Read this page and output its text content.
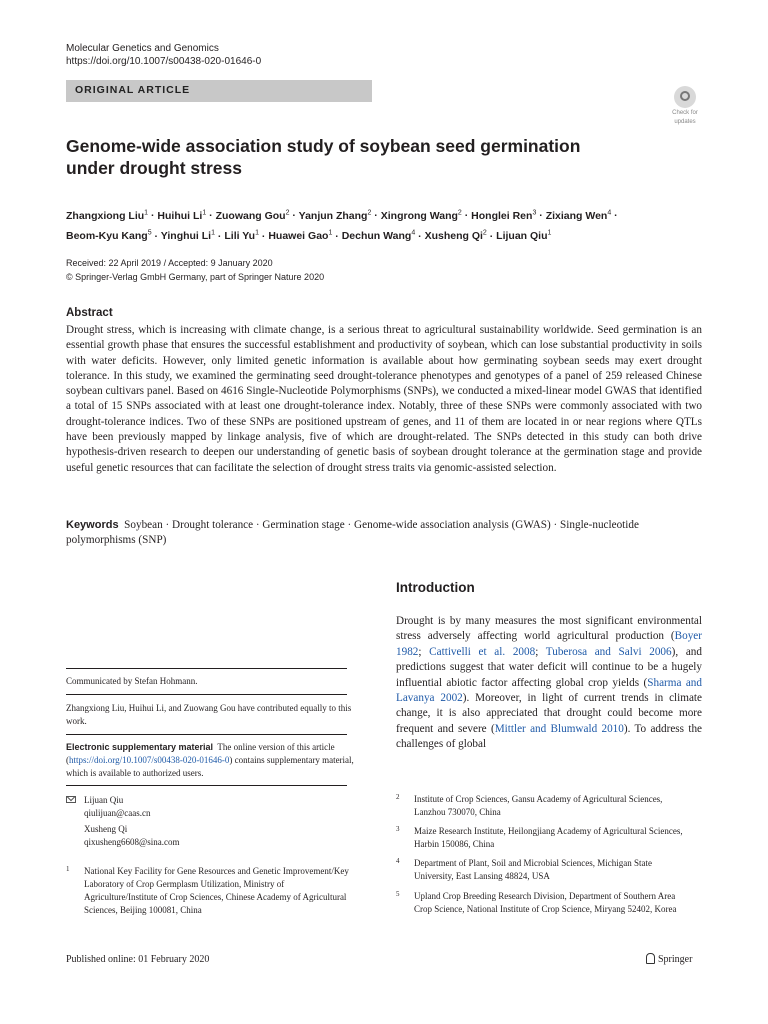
Molecular Genetics and Genomics
https://doi.org/10.1007/s00438-020-01646-0
ORIGINAL ARTICLE
Check for
updates
Genome-wide association study of soybean seed germination under drought stress
Zhangxiong Liu$^1$ · Huihui $Li^1$ · Zuowang Gou$^2$ · Yanjun Zhang$^2$ · Xingrong Wang$^2$ · Honglei Ren$^3$ · Zixiang Wen$^4$ ·
Beom-Kyu Kang$^5$ · Yinghui $Li^1$ · Lili $Yu^1$ · Huawei Gao$^1$ · Dechun Wang$^4$ · Xusheng $Qi^2$ · Lijuan Qiu$^1$
Received: 22 April 2019 / Accepted: 9 January 2020
© Springer-Verlag GmbH Germany, part of Springer Nature 2020
Abstract
Drought stress, which is increasing with climate change, is a serious threat to agricultural sustainability worldwide. Seed germination is an essential growth phase that ensures the successful establishment and productivity of soybean, which can lose substantial productivity in soils with water deficits. However, only limited genetic information is available about how germinating soybean seeds may exert drought tolerance. In this study, we examined the germinating seed drought-tolerance phenotypes and genotypes of a panel of 259 released Chinese soybean cultivars panel. Based on 4616 Single-Nucleotide Polymorphisms (SNPs), we conducted a mixed-linear model GWAS that identified a total of 15 SNPs associated with at least one drought-tolerance index. Notably, three of these SNPs were commonly associated with two drought-tolerance indices. Two of these SNPs are positioned upstream of genes, and 11 of them are located in or near regions where QTLs have been previously mapped by linkage analysis, five of which are drought-related. The SNPs detected in this study can both drive hypothesis-driven research to deepen our understanding of genetic basis of soybean drought tolerance at the germination stage and provide useful genetic resources that can facilitate the selection of drought stress traits via genomic-assisted selection.
Keywords Soybean · Drought tolerance · Germination stage · Genome-wide association analysis (GWAS) · Single-nucleotide polymorphisms (SNP)
Introduction
Drought is by many measures the most significant environmental stress adversely affecting world agricultural production (Boyer 1982; Cattivelli et al. 2008; Tuberosa and Salvi 2006), and predictions suggest that water deficit will continue to be a hugely influential abiotic factor affecting global crop yields (Sharma and Lavanya 2002). Moreover, in light of current trends in climate change, it is also appreciated that drought could become more frequent and severe (Mittler and Blumwald 2010). To address the challenges of global
Communicated by Stefan Hohmann.
Zhangxiong Liu, Huihui Li, and Zuowang Gou have contributed equally to this work.
Electronic supplementary material The online version of this article (https://doi.org/10.1007/s00438-020-01646-0) contains supplementary material, which is available to authorized users.
Lijuan Qiu
qiulijuan@caas.cn
Xusheng Qi
qixusheng6608@sina.com
1 National Key Facility for Gene Resources and Genetic Improvement/Key Laboratory of Crop Germplasm Utilization, Ministry of Agriculture/Institute of Crop Sciences, Chinese Academy of Agricultural Sciences, Beijing 100081, China
2 Institute of Crop Sciences, Gansu Academy of Agricultural Sciences, Lanzhou 730070, China
3 Maize Research Institute, Heilongjiang Academy of Agricultural Sciences, Harbin 150086, China
4 Department of Plant, Soil and Microbial Sciences, Michigan State University, East Lansing 48824, USA
5 Upland Crop Breeding Research Division, Department of Southern Area Crop Science, National Institute of Crop Science, Miryang 52402, Korea
Published online: 01 February 2020	Springer
